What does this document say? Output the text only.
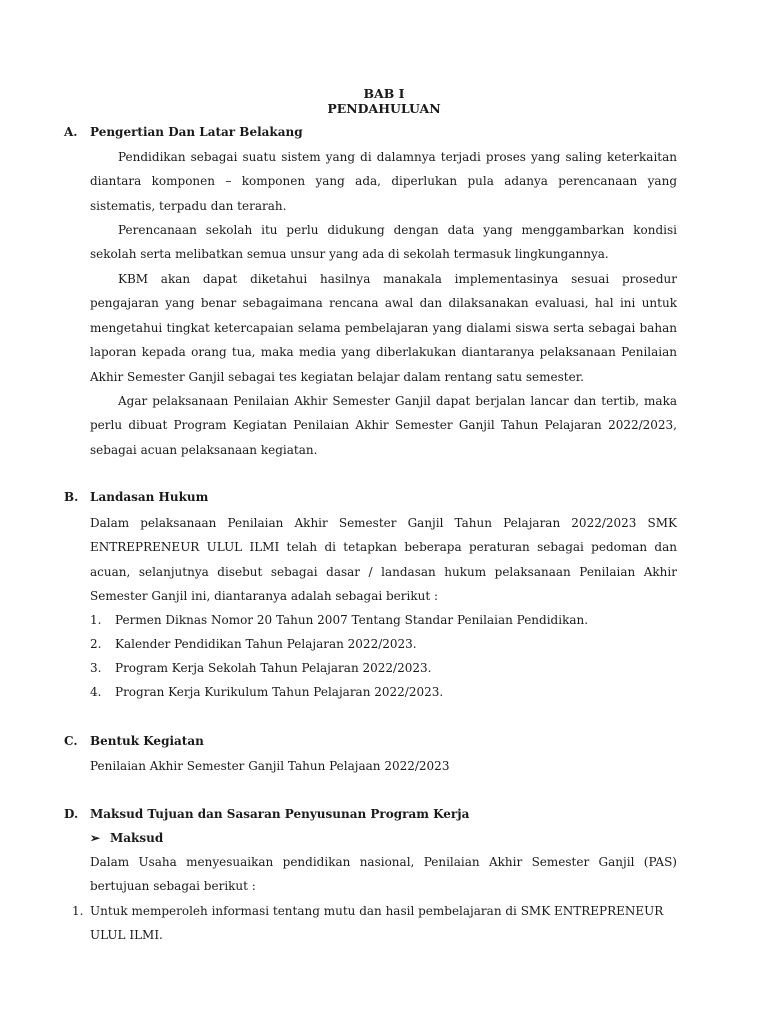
BAB I
PENDAHULUAN
A. Pengertian Dan Latar Belakang

Pendidikan sebagai suatu sistem yang di dalamnya terjadi proses yang saling keterkaitan diantara komponen – komponen yang ada, diperlukan pula adanya perencanaan yang sistematis, terpadu dan terarah.

Perencanaan sekolah itu perlu didukung dengan data yang menggambarkan kondisi sekolah serta melibatkan semua unsur yang ada di sekolah termasuk lingkungannya.

KBM akan dapat diketahui hasilnya manakala implementasinya sesuai prosedur pengajaran yang benar sebagaimana rencana awal dan dilaksanakan evaluasi, hal ini untuk mengetahui tingkat ketercapaian selama pembelajaran yang dialami siswa serta sebagai bahan laporan kepada orang tua, maka media yang diberlakukan diantaranya pelaksanaan Penilaian Akhir Semester Ganjil sebagai tes kegiatan belajar dalam rentang satu semester.

Agar pelaksanaan Penilaian Akhir Semester Ganjil dapat berjalan lancar dan tertib, maka perlu dibuat Program Kegiatan Penilaian Akhir Semester Ganjil Tahun Pelajaran 2022/2023, sebagai acuan pelaksanaan kegiatan.

B. Landasan Hukum

Dalam pelaksanaan Penilaian Akhir Semester Ganjil Tahun Pelajaran 2022/2023 SMK ENTREPRENEUR ULUL ILMI telah di tetapkan beberapa peraturan sebagai pedoman dan acuan, selanjutnya disebut sebagai dasar / landasan hukum pelaksanaan Penilaian Akhir Semester Ganjil ini, diantaranya adalah sebagai berikut :

1. Permen Diknas Nomor 20 Tahun 2007 Tentang Standar Penilaian Pendidikan.
2. Kalender Pendidikan Tahun Pelajaran 2022/2023.
3. Program Kerja Sekolah Tahun Pelajaran 2022/2023.
4. Progran Kerja Kurikulum Tahun Pelajaran 2022/2023.
C. Bentuk Kegiatan
Penilaian Akhir Semester Ganjil Tahun Pelajaan 2022/2023
D. Maksud Tujuan dan Sasaran Penyusunan Program Kerja
➢ Maksud

Dalam Usaha menyesuaikan pendidikan nasional, Penilaian Akhir Semester Ganjil (PAS) bertujuan sebagai berikut :

1. Untuk memperoleh informasi tentang mutu dan hasil pembelajaran di SMK ENTREPRENEUR
ULUL ILMI.
